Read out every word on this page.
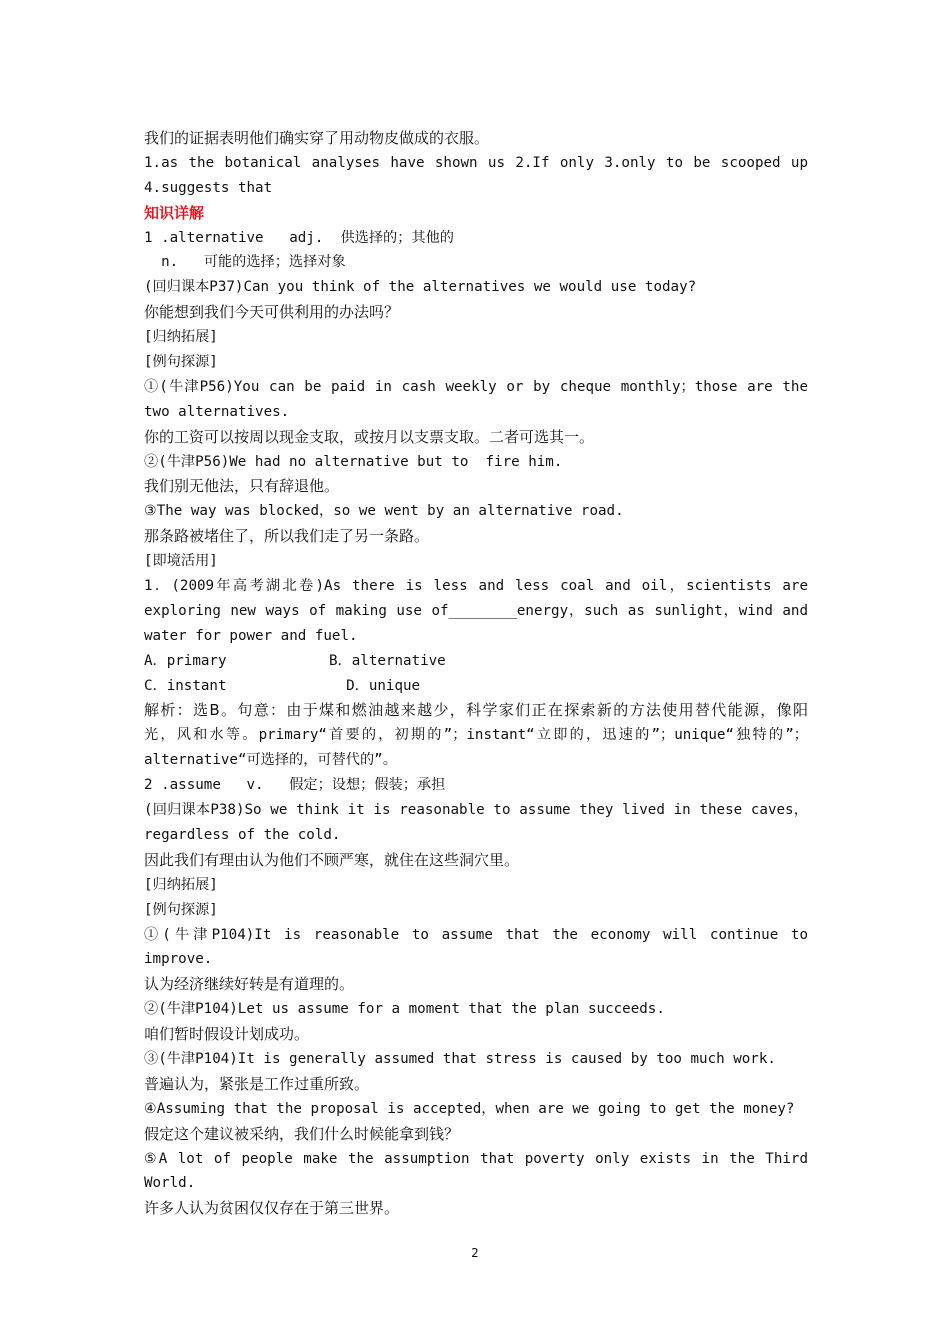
我们的证据表明他们确实穿了用动物皮做成的衣服。
1.as the botanical analyses have shown us 2.If only 3.only to be scooped up
4.suggests that
知识详解
1 .alternative   adj.  供选择的；其他的
n.   可能的选择；选择对象
(回归课本P37)Can you think of the alternatives we would use today?
你能想到我们今天可供利用的办法吗？
[归纳拓展]
[例句探源]
①(牛津P56)You can be paid in cash weekly or by cheque monthly；those are the
two alternatives.
你的工资可以按周以现金支取，或按月以支票支取。二者可选其一。
②(牛津P56)We had no alternative but to  fire him.
我们别无他法，只有辞退他。
③The way was blocked，so we went by an alternative road.
那条路被堵住了，所以我们走了另一条路。
[即境活用]
1．(2009年高考湖北卷)As there is less and less coal and oil，scientists are
exploring new ways of making use of________energy，such as sunlight，wind and
water for power and fuel.
A．primary            B．alternative
C．instant              D．unique
解析：选B。句意：由于煤和燃油越来越少，科学家们正在探索新的方法使用替代能源，像阳
光，风和水等。primary“首要的，初期的”；instant“立即的，迅速的”；unique“独特的”；
alternative“可选择的，可替代的”。
2 .assume   v.   假定；设想；假装；承担
(回归课本P38)So we think it is reasonable to assume they lived in these caves，
regardless of the cold.
因此我们有理由认为他们不顾严寒，就住在这些洞穴里。
[归纳拓展]
[例句探源]
①(牛津P104)It is reasonable to assume that the economy will continue to
improve.
认为经济继续好转是有道理的。
②(牛津P104)Let us assume for a moment that the plan succeeds.
咱们暂时假设计划成功。
③(牛津P104)It is generally assumed that stress is caused by too much work.
普遍认为，紧张是工作过重所致。
④Assuming that the proposal is accepted，when are we going to get the money?
假定这个建议被采纳，我们什么时候能拿到钱？
⑤A lot of people make the assumption that poverty only exists in the Third
World.
许多人认为贫困仅仅存在于第三世界。
2
